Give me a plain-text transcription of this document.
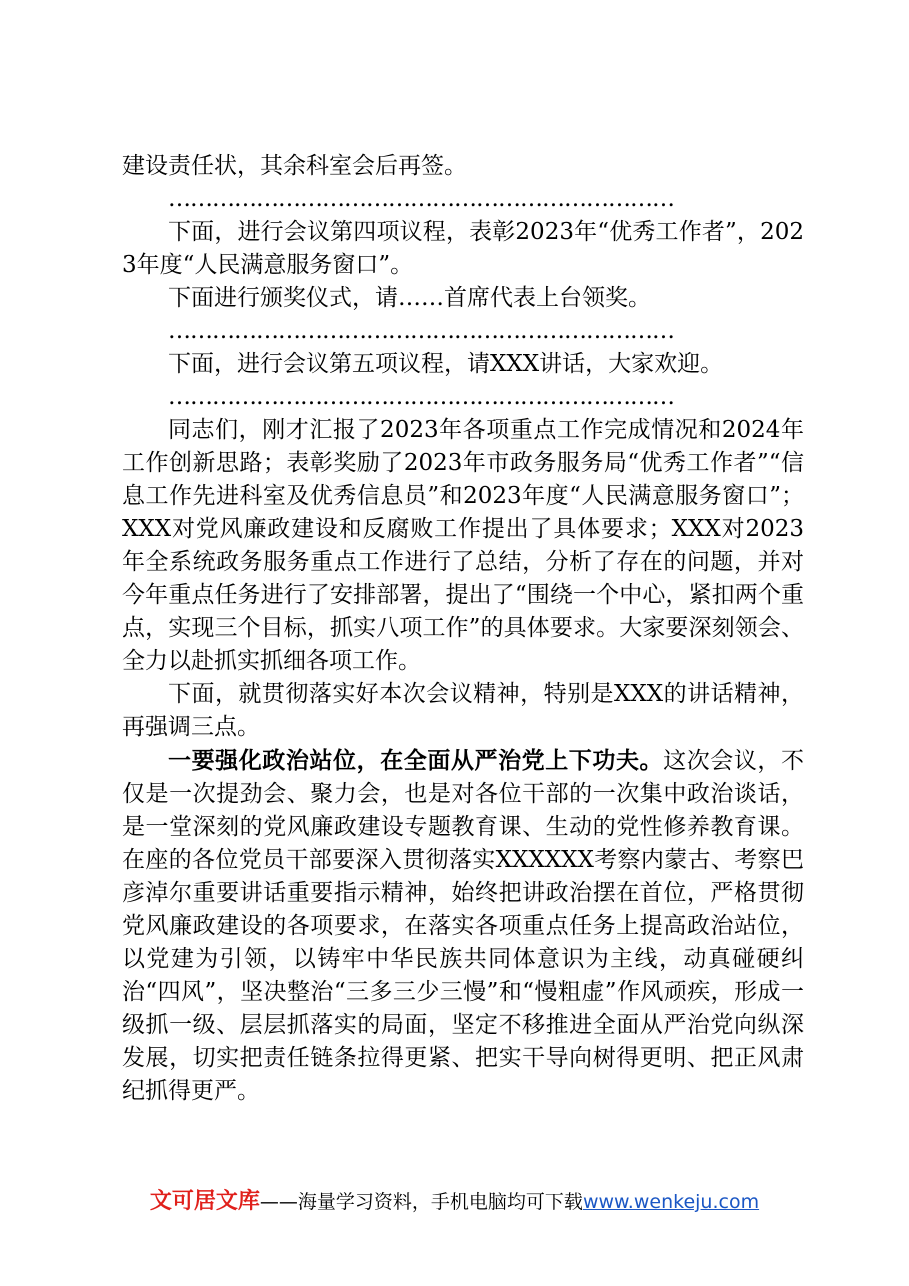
建设责任状，其余科室会后再签。

……………………………………………………………

下面，进行会议第四项议程，表彰2023年“优秀工作者”，2023年度“人民满意服务窗口”。

下面进行颁奖仪式，请……首席代表上台领奖。

……………………………………………………………

下面，进行会议第五项议程，请XXX讲话，大家欢迎。

……………………………………………………………

同志们，刚才汇报了2023年各项重点工作完成情况和2024年工作创新思路；表彰奖励了2023年市政务服务局“优秀工作者”“信息工作先进科室及优秀信息员”和2023年度“人民满意服务窗口”；XXX对党风廉政建设和反腐败工作提出了具体要求；XXX对2023年全系统政务服务重点工作进行了总结，分析了存在的问题，并对今年重点任务进行了安排部署，提出了“围绕一个中心，紧扣两个重点，实现三个目标，抓实八项工作”的具体要求。大家要深刻领会、全力以赴抓实抓细各项工作。

下面，就贯彻落实好本次会议精神，特别是XXX的讲话精神，再强调三点。

一要强化政治站位，在全面从严治党上下功夫。这次会议，不仅是一次提劲会、聚力会，也是对各位干部的一次集中政治谈话，是一堂深刻的党风廉政建设专题教育课、生动的党性修养教育课。在座的各位党员干部要深入贯彻落实XXXXXX考察内蒙古、考察巴彦淖尔重要讲话重要指示精神，始终把讲政治摆在首位，严格贯彻党风廉政建设的各项要求，在落实各项重点任务上提高政治站位，以党建为引领，以铸牢中华民族共同体意识为主线，动真碰硬纠治“四风”，坚决整治“三多三少三慢”和“慢粗虚”作风顽疾，形成一级抓一级、层层抓落实的局面，坚定不移推进全面从严治党向纵深发展，切实把责任链条拉得更紧、把实干导向树得更明、把正风肃纪抓得更严。

文可居文库——海量学习资料，手机电脑均可下载www.wenkeju.com
